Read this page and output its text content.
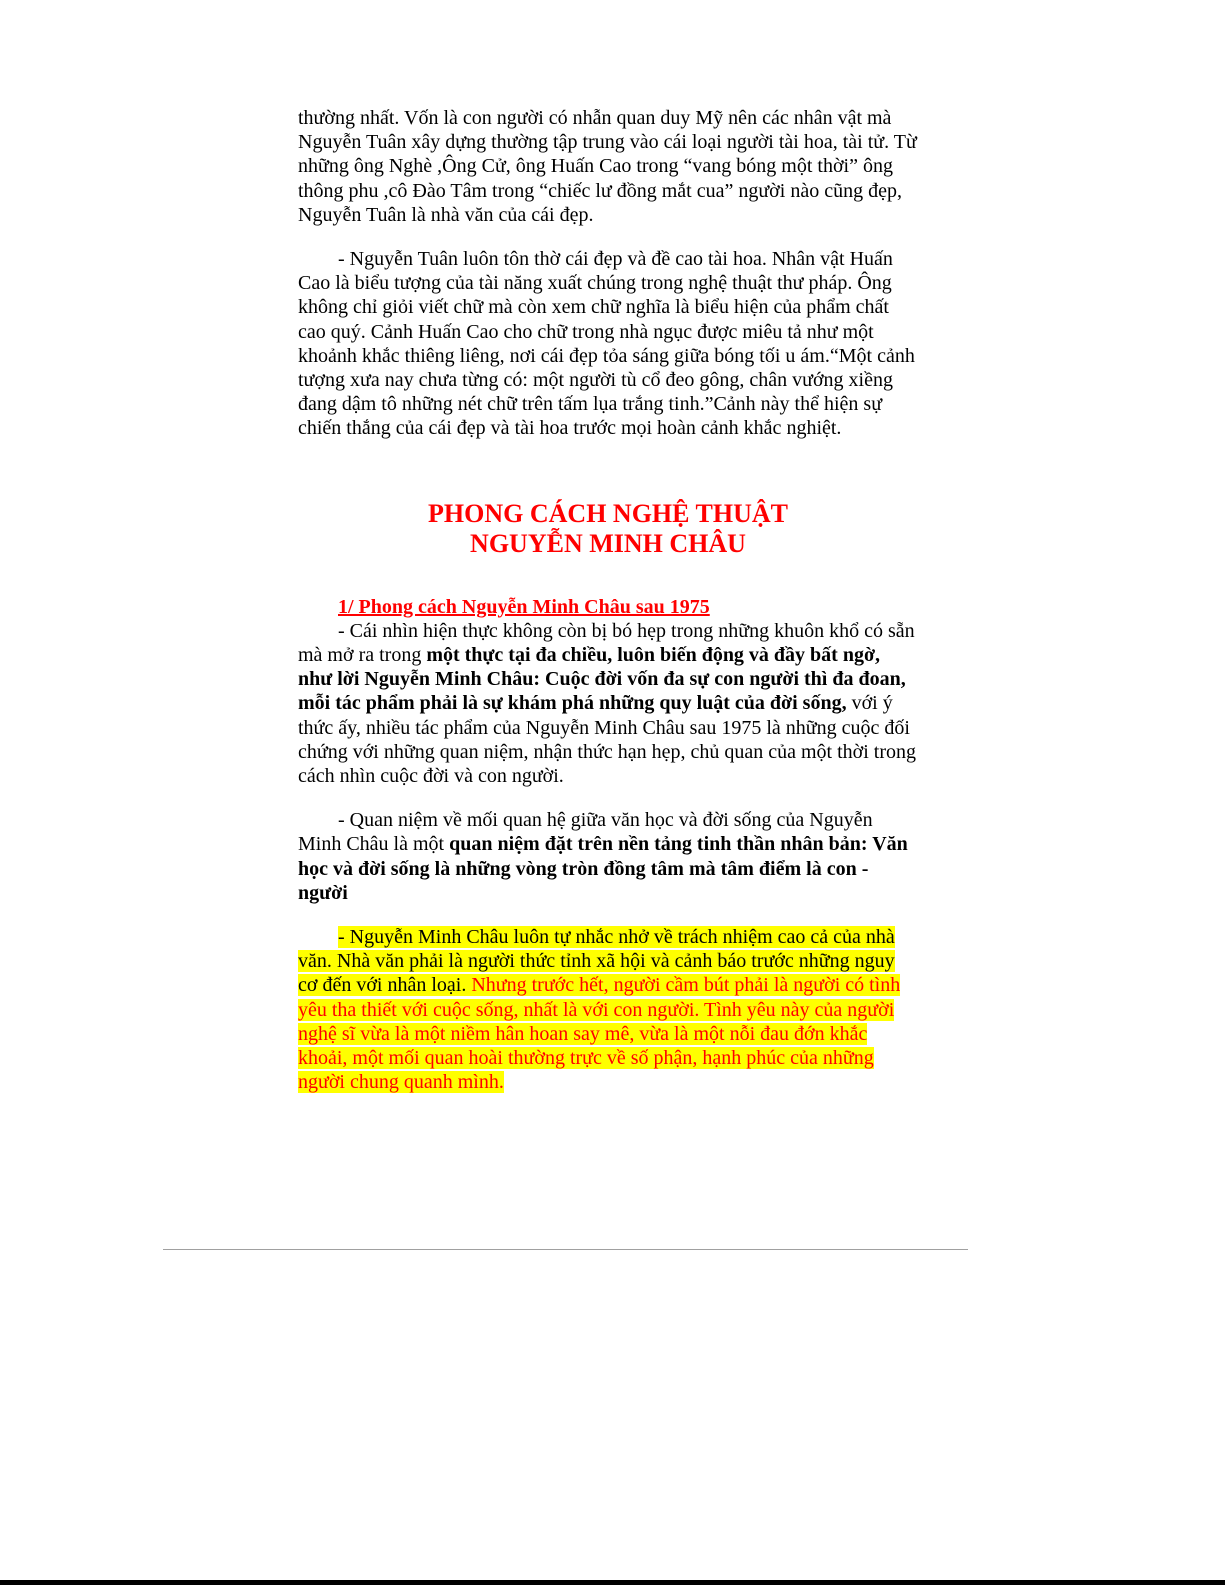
thường nhất. Vốn là con người có nhẫn quan duy Mỹ nên các nhân vật mà Nguyễn Tuân xây dựng thường tập trung vào cái loại người tài hoa, tài tử. Từ những ông Nghè ,Ông Cử, ông Huấn Cao trong “vang bóng một thời” ông thông phu ,cô Đào Tâm trong “chiếc lư đồng mắt cua” người nào cũng đẹp, Nguyễn Tuân là nhà văn của cái đẹp.

- Nguyễn Tuân luôn tôn thờ cái đẹp và đề cao tài hoa. Nhân vật Huấn Cao là biểu tượng của tài năng xuất chúng trong nghệ thuật thư pháp. Ông không chỉ giỏi viết chữ mà còn xem chữ nghĩa là biểu hiện của phẩm chất cao quý. Cảnh Huấn Cao cho chữ trong nhà ngục được miêu tả như một khoảnh khắc thiêng liêng, nơi cái đẹp tỏa sáng giữa bóng tối u ám.“Một cảnh tượng xưa nay chưa từng có: một người tù cổ đeo gông, chân vướng xiềng đang dậm tô những nét chữ trên tấm lụa trắng tinh.”Cảnh này thể hiện sự chiến thắng của cái đẹp và tài hoa trước mọi hoàn cảnh khắc nghiệt.

PHONG CÁCH NGHỆ THUẬT
NGUYỄN MINH CHÂU

1/ Phong cách Nguyễn Minh Châu sau 1975

- Cái nhìn hiện thực không còn bị bó hẹp trong những khuôn khổ có sẵn mà mở ra trong một thực tại đa chiều, luôn biến động và đầy bất ngờ, như lời Nguyễn Minh Châu: Cuộc đời vốn đa sự con người thì đa đoan, mỗi tác phẩm phải là sự khám phá những quy luật của đời sống, với ý thức ấy, nhiều tác phẩm của Nguyễn Minh Châu sau 1975 là những cuộc đối chứng với những quan niệm, nhận thức hạn hẹp, chủ quan của một thời trong cách nhìn cuộc đời và con người.

- Quan niệm về mối quan hệ giữa văn học và đời sống của Nguyễn Minh Châu là một quan niệm đặt trên nền tảng tinh thần nhân bản: Văn học và đời sống là những vòng tròn đồng tâm mà tâm điểm là con - người

- Nguyễn Minh Châu luôn tự nhắc nhở về trách nhiệm cao cả của nhà văn. Nhà văn phải là người thức tỉnh xã hội và cảnh báo trước những nguy cơ đến với nhân loại. Nhưng trước hết, người cầm bút phải là người có tình yêu tha thiết với cuộc sống, nhất là với con người. Tình yêu này của người nghệ sĩ vừa là một niềm hân hoan say mê, vừa là một nỗi đau đớn khắc khoải, một mối quan hoài thường trực về số phận, hạnh phúc của những người chung quanh mình.
